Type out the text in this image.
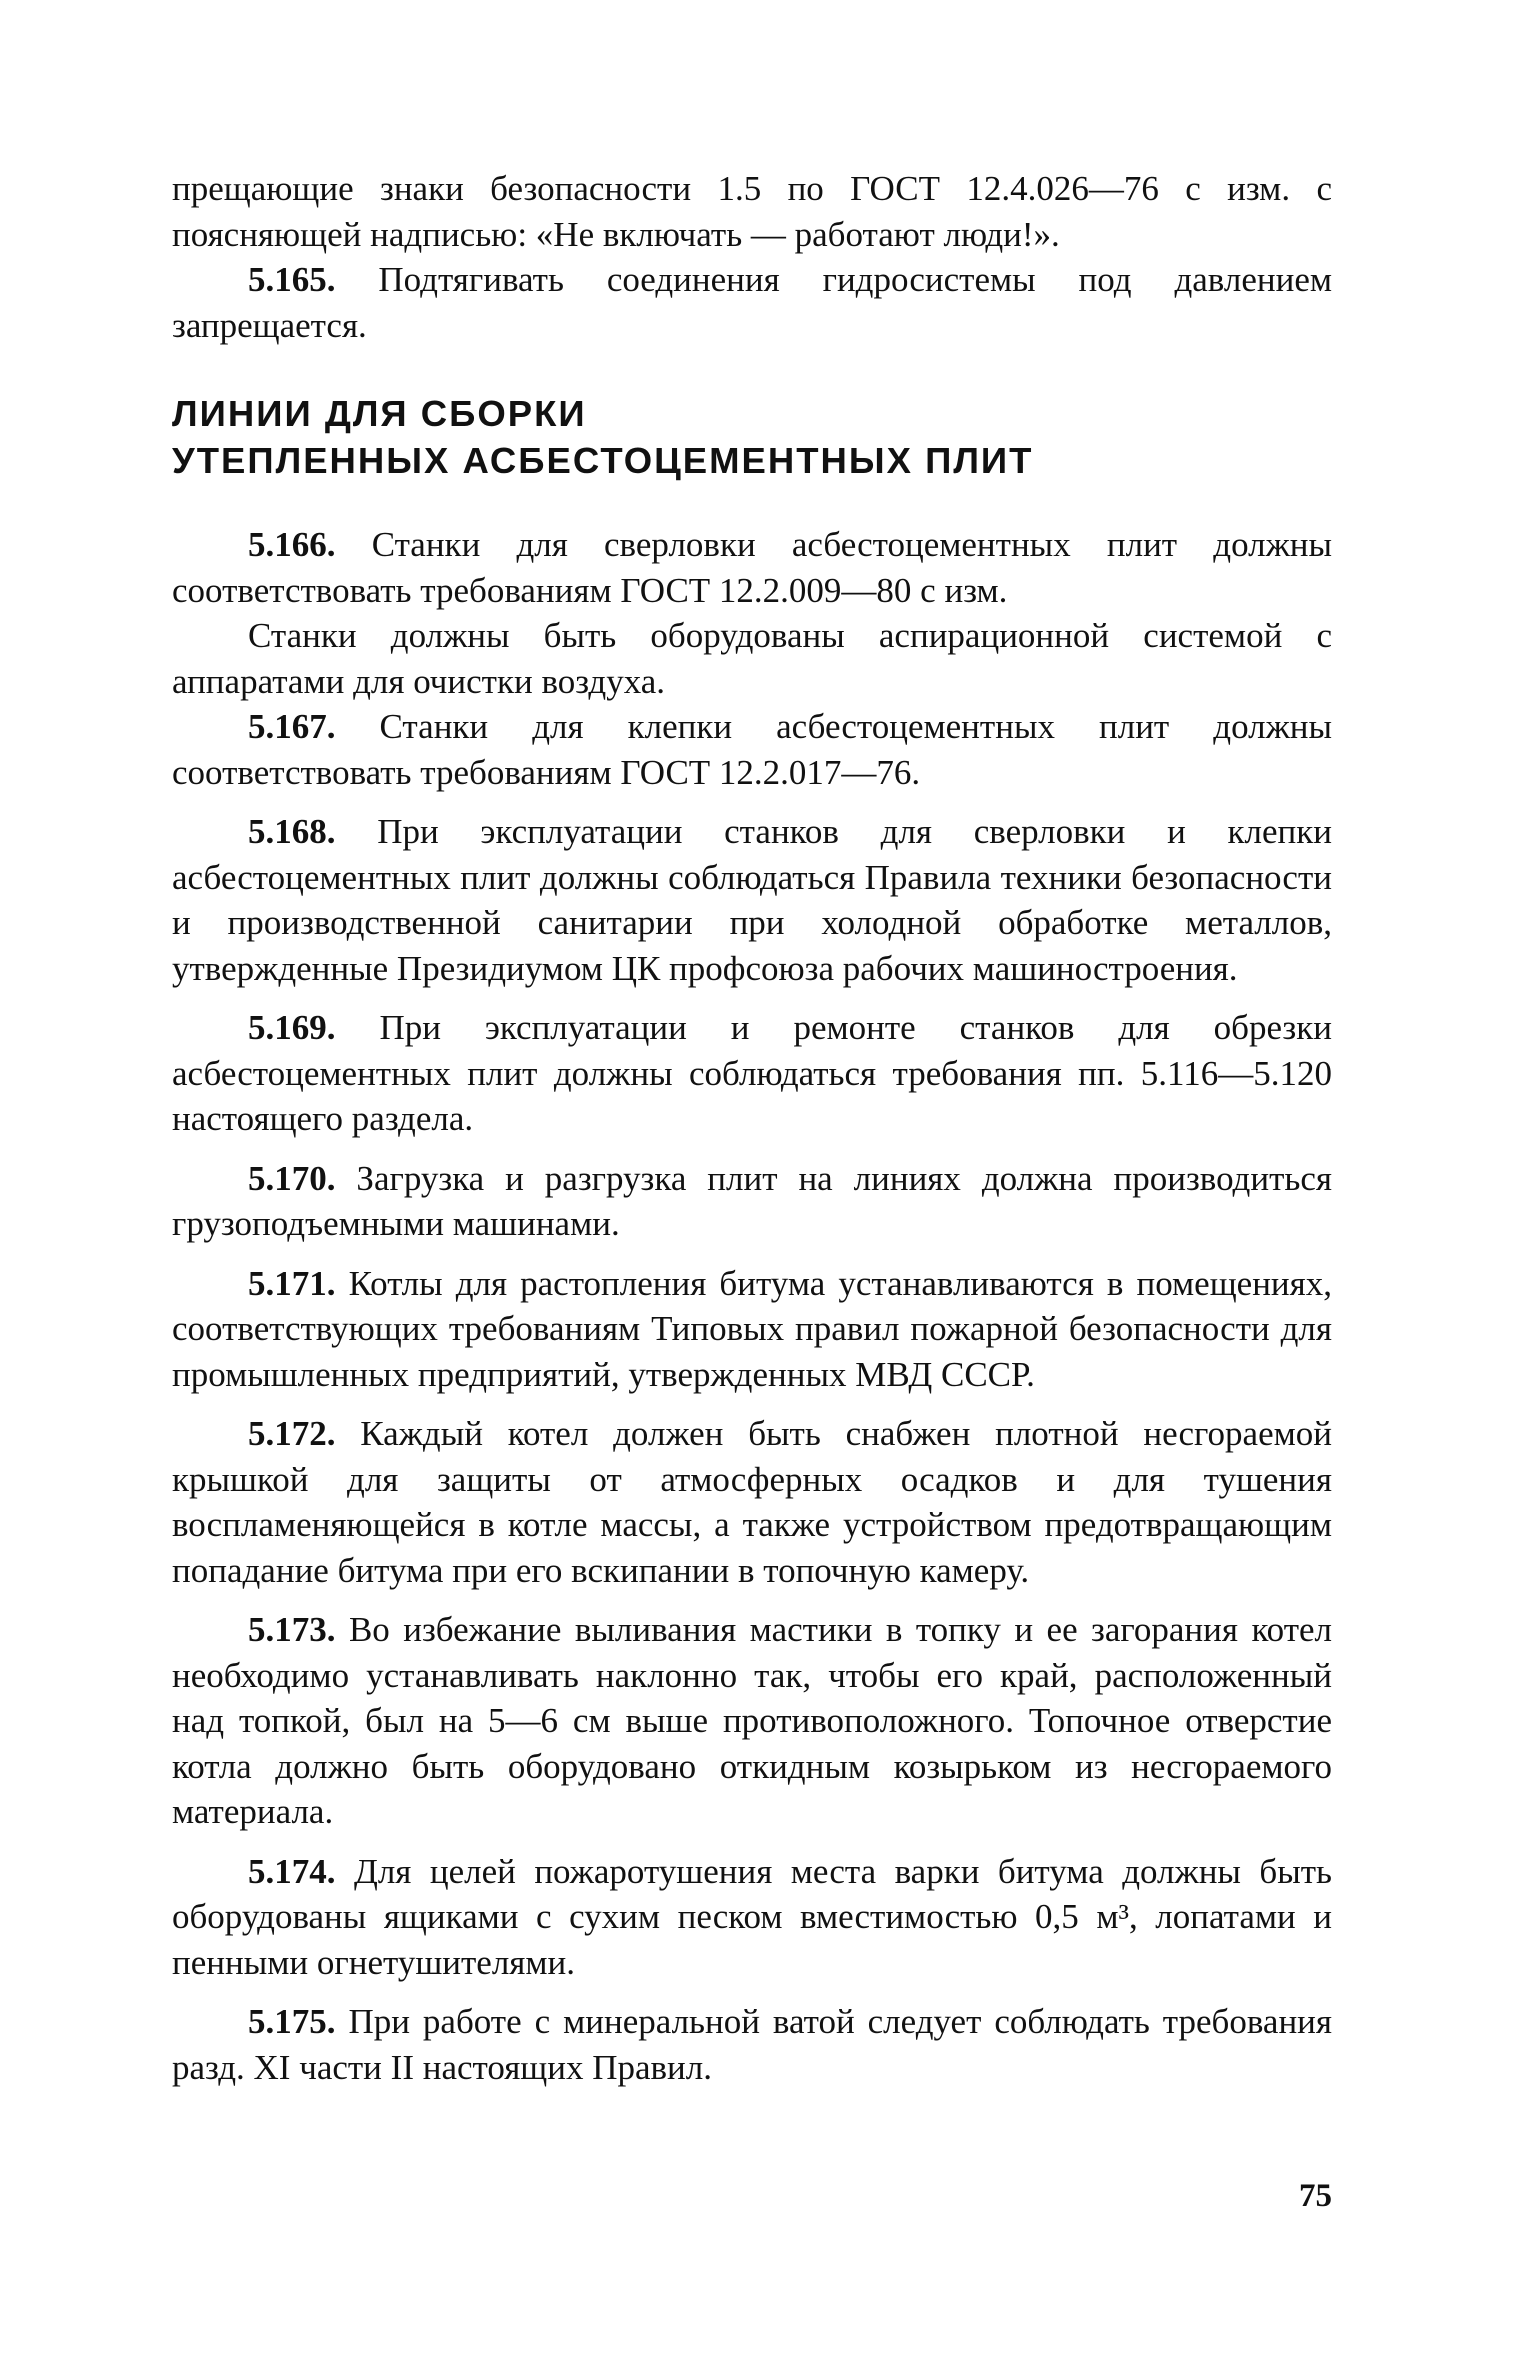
прещающие знаки безопасности 1.5 по ГОСТ 12.4.026—76 с изм. с поясняющей надписью: «Не включать — работают люди!».

5.165. Подтягивать соединения гидросистемы под давлением запрещается.

ЛИНИИ ДЛЯ СБОРКИ
УТЕПЛЕННЫХ АСБЕСТОЦЕМЕНТНЫХ ПЛИТ

5.166. Станки для сверловки асбестоцементных плит должны соответствовать требованиям ГОСТ 12.2.009—80 с изм.

Станки должны быть оборудованы аспирационной системой с аппаратами для очистки воздуха.

5.167. Станки для клепки асбестоцементных плит должны соответствовать требованиям ГОСТ 12.2.017—76.

5.168. При эксплуатации станков для сверловки и клепки асбестоцементных плит должны соблюдаться Правила техники безопасности и производственной санитарии при холодной обработке металлов, утвержденные Президиумом ЦК профсоюза рабочих машиностроения.

5.169. При эксплуатации и ремонте станков для обрезки асбестоцементных плит должны соблюдаться требования пп. 5.116—5.120 настоящего раздела.

5.170. Загрузка и разгрузка плит на линиях должна производиться грузоподъемными машинами.

5.171. Котлы для растопления битума устанавливаются в помещениях, соответствующих требованиям Типовых правил пожарной безопасности для промышленных предприятий, утвержденных МВД СССР.

5.172. Каждый котел должен быть снабжен плотной несгораемой крышкой для защиты от атмосферных осадков и для тушения воспламеняющейся в котле массы, а также устройством предотвращающим попадание битума при его вскипании в топочную камеру.

5.173. Во избежание выливания мастики в топку и ее загорания котел необходимо устанавливать наклонно так, чтобы его край, расположенный над топкой, был на 5—6 см выше противоположного. Топочное отверстие котла должно быть оборудовано откидным козырьком из несгораемого материала.

5.174. Для целей пожаротушения места варки битума должны быть оборудованы ящиками с сухим песком вместимостью 0,5 м³, лопатами и пенными огнетушителями.

5.175. При работе с минеральной ватой следует соблюдать требования разд. XI части II настоящих Правил.

75
